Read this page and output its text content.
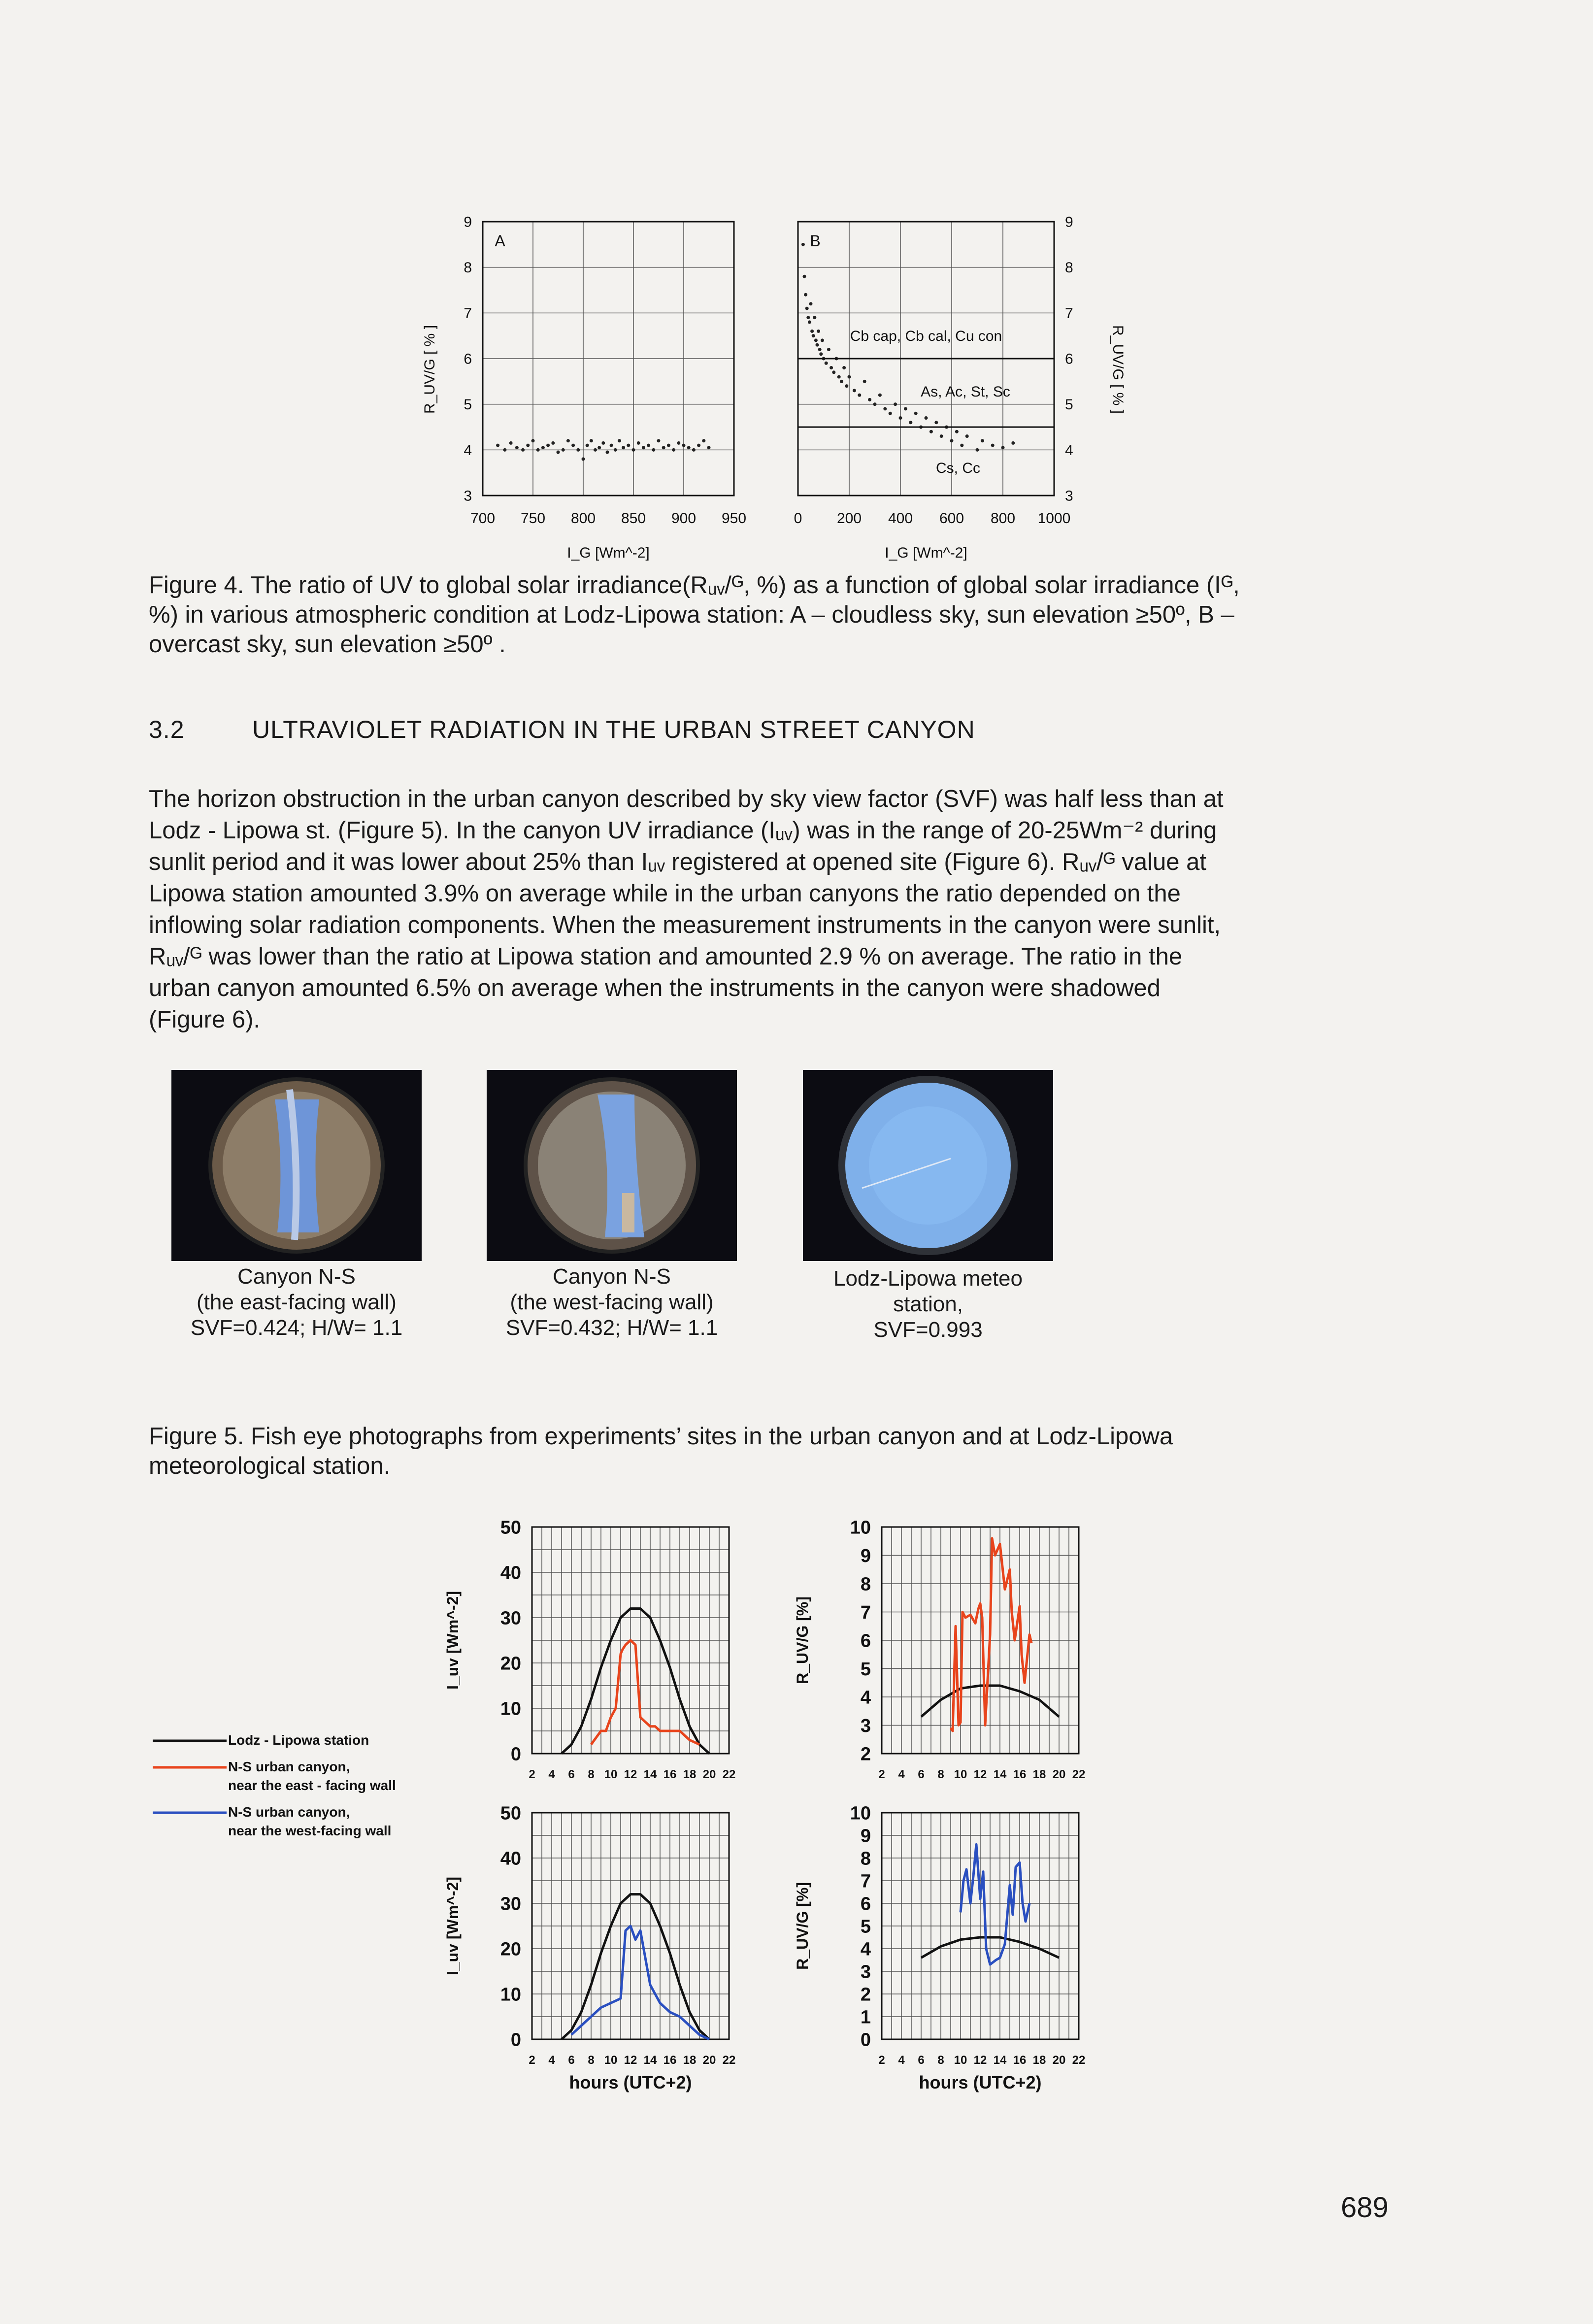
700 750 800 850 900 950
3
4
5
6
7
8
9
R_UV/G [ % ]
I_G [Wm^-2]
A
0 200 400 600 800 1000
3
4
5
6
7
8
9
Cb cap, Cb cal, Cu con
As, Ac, St, Sc
Cs, Cc
R_UV/G [ % ]
I_G [Wm^-2]
B
Figure 4. The ratio of UV to global solar irradiance(Rᵤᵥ/ᴳ, %) as a function of global solar irradiance (Iᴳ,
%) in various atmospheric condition at Lodz-Lipowa station: A – cloudless sky, sun elevation ≥50º, B –
overcast sky, sun elevation ≥50º .
3.2	ULTRAVIOLET RADIATION IN THE URBAN STREET CANYON
The horizon obstruction in the urban canyon described by sky view factor (SVF) was half less than at
Lodz - Lipowa st. (Figure 5). In the canyon UV irradiance (Iᵤᵥ) was in the range of 20-25Wm⁻² during
sunlit period and it was lower about 25% than Iᵤᵥ registered at opened site (Figure 6). Rᵤᵥ/ᴳ value at
Lipowa station amounted 3.9% on average while in the urban canyons the ratio depended on the
inflowing solar radiation components. When the measurement instruments in the canyon were sunlit,
Rᵤᵥ/ᴳ was lower than the ratio at Lipowa station and amounted 2.9 % on average. The ratio in the
urban canyon amounted 6.5% on average when the instruments in the canyon were shadowed
(Figure 6).
Canyon N-S
(the east-facing wall)
SVF=0.424; H/W= 1.1
Canyon N-S
(the west-facing wall)
SVF=0.432; H/W= 1.1
Lodz-Lipowa meteo
station,
SVF=0.993
Figure 5. Fish eye photographs from experiments’ sites in the urban canyon and at Lodz-Lipowa
meteorological station.
Lodz - Lipowa station
N-S urban canyon,
near the east - facing wall
N-S urban canyon,
near the west-facing wall
2 4 6 8 10 12 14 16 18 20 22
0
10
20
30
40
50
I_uv [Wm^-2]
2 4 6 8 10 12 14 16 18 20 22
2
3
4
5
6
7
8
9
10
R_UV/G [%]
2 4 6 8 10 12 14 16 18 20 22
0
10
20
30
40
50
I_uv [Wm^-2]
hours (UTC+2)
2 4 6 8 10 12 14 16 18 20 22
0
1
2
3
4
5
6
7
8
9
10
R_UV/G [%]
hours (UTC+2)
689
